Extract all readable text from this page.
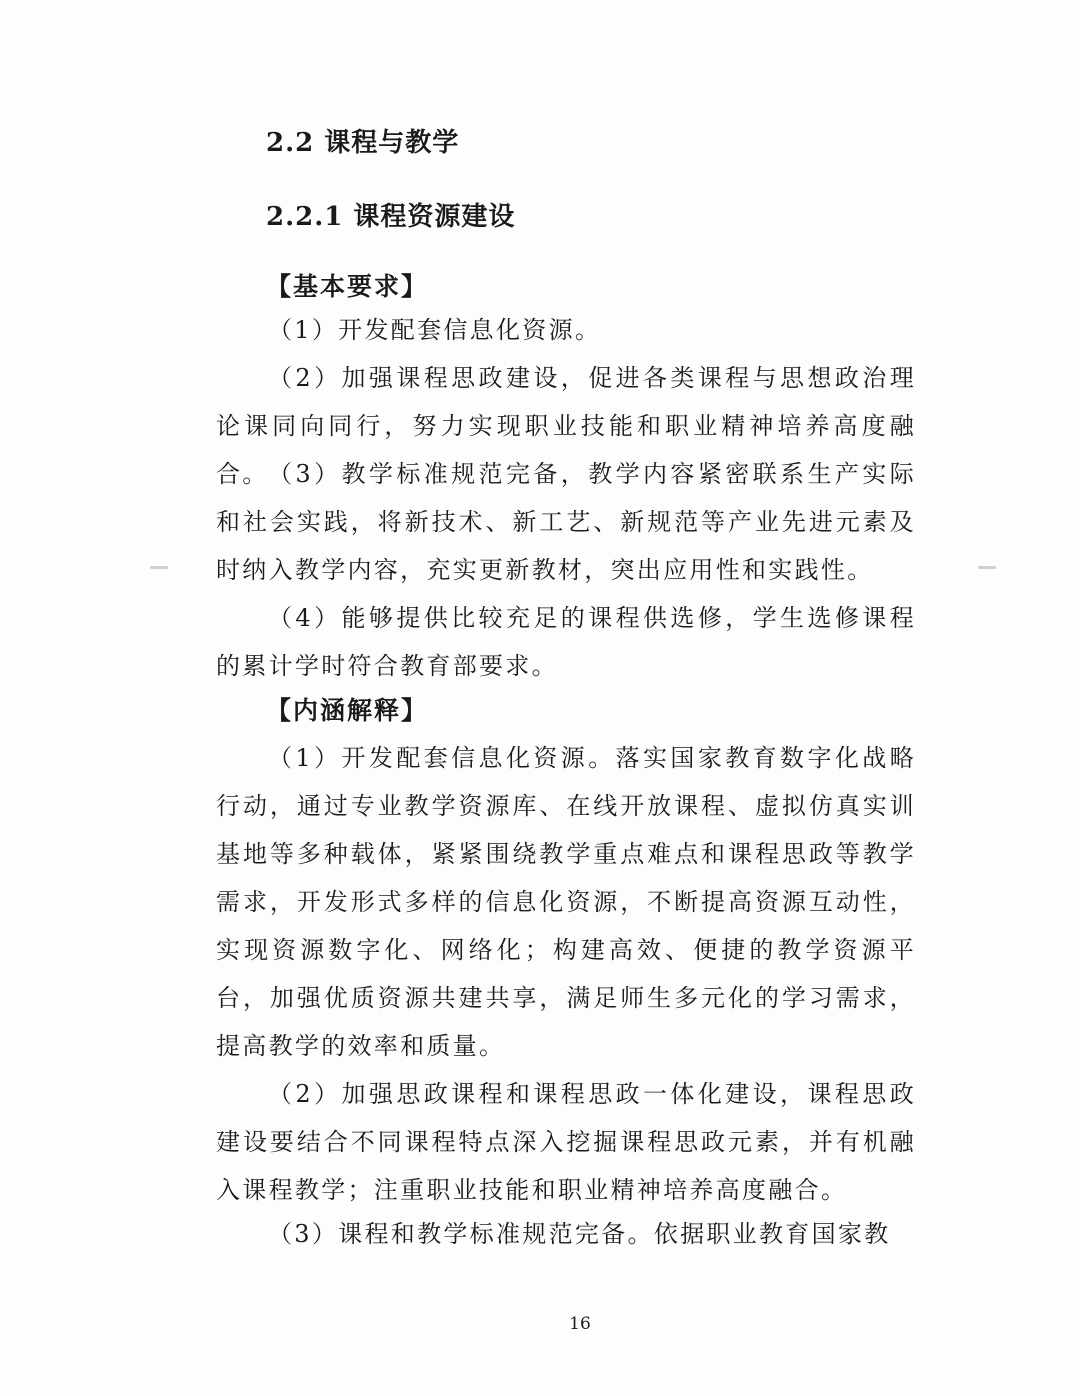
2.2 课程与教学
2.2.1 课程资源建设
【基本要求】

（1）开发配套信息化资源。

（2）加强课程思政建设，促进各类课程与思想政治理论课同向同行，努力实现职业技能和职业精神培养高度融合。 （3）教学标准规范完备，教学内容紧密联系生产实际和社会实践，将新技术、新工艺、新规范等产业先进元素及时纳入教学内容，充实更新教材，突出应用性和实践性。

（4）能够提供比较充足的课程供选修，学生选修课程的累计学时符合教育部要求。

【内涵解释】

（1）开发配套信息化资源。落实国家教育数字化战略行动，通过专业教学资源库、在线开放课程、虚拟仿真实训基地等多种载体，紧紧围绕教学重点难点和课程思政等教学需求，开发形式多样的信息化资源，不断提高资源互动性，实现资源数字化、网络化；构建高效、便捷的教学资源平台，加强优质资源共建共享，满足师生多元化的学习需求，提高教学的效率和质量。

（2）加强思政课程和课程思政一体化建设，课程思政建设要结合不同课程特点深入挖掘课程思政元素，并有机融入课程教学；注重职业技能和职业精神培养高度融合。

（3）课程和教学标准规范完备。依据职业教育国家教

16
